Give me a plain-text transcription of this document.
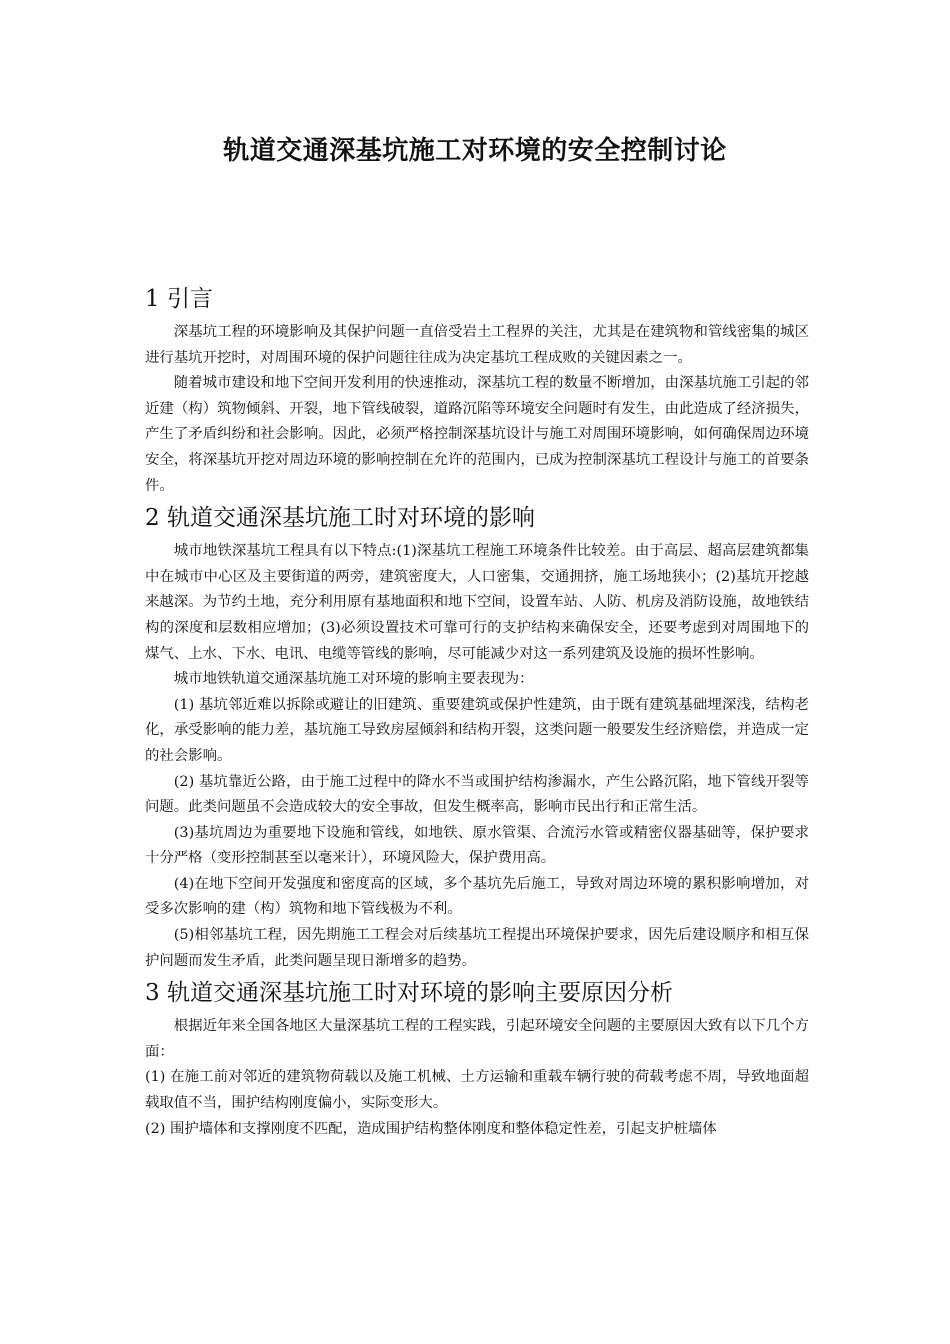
轨道交通深基坑施工对环境的安全控制讨论
1 引言

深基坑工程的环境影响及其保护问题一直倍受岩土工程界的关注，尤其是在建筑物和管线密集的城区进行基坑开挖时，对周围环境的保护问题往往成为决定基坑工程成败的关键因素之一。

随着城市建设和地下空间开发利用的快速推动，深基坑工程的数量不断增加，由深基坑施工引起的邻近建（构）筑物倾斜、开裂，地下管线破裂，道路沉陷等环境安全问题时有发生，由此造成了经济损失，产生了矛盾纠纷和社会影响。因此，必须严格控制深基坑设计与施工对周围环境影响，如何确保周边环境安全，将深基坑开挖对周边环境的影响控制在允许的范围内，已成为控制深基坑工程设计与施工的首要条件。

2 轨道交通深基坑施工时对环境的影响

城市地铁深基坑工程具有以下特点:(1)深基坑工程施工环境条件比较差。由于高层、超高层建筑都集中在城市中心区及主要街道的两旁，建筑密度大，人口密集，交通拥挤，施工场地狭小；(2)基坑开挖越来越深。为节约土地，充分利用原有基地面积和地下空间，设置车站、人防、机房及消防设施，故地铁结构的深度和层数相应增加；(3)必须设置技术可靠可行的支护结构来确保安全，还要考虑到对周围地下的煤气、上水、下水、电讯、电缆等管线的影响，尽可能减少对这一系列建筑及设施的损坏性影响。

城市地铁轨道交通深基坑施工对环境的影响主要表现为：

(1) 基坑邻近难以拆除或避让的旧建筑、重要建筑或保护性建筑，由于既有建筑基础埋深浅，结构老化，承受影响的能力差，基坑施工导致房屋倾斜和结构开裂，这类问题一般要发生经济赔偿，并造成一定的社会影响。

(2) 基坑靠近公路，由于施工过程中的降水不当或围护结构渗漏水，产生公路沉陷，地下管线开裂等问题。此类问题虽不会造成较大的安全事故，但发生概率高，影响市民出行和正常生活。

(3)基坑周边为重要地下设施和管线，如地铁、原水管渠、合流污水管或精密仪器基础等，保护要求十分严格（变形控制甚至以毫米计），环境风险大，保护费用高。

(4)在地下空间开发强度和密度高的区域，多个基坑先后施工，导致对周边环境的累积影响增加，对受多次影响的建（构）筑物和地下管线极为不利。

(5)相邻基坑工程，因先期施工工程会对后续基坑工程提出环境保护要求，因先后建设顺序和相互保护问题而发生矛盾，此类问题呈现日渐增多的趋势。

3 轨道交通深基坑施工时对环境的影响主要原因分析

根据近年来全国各地区大量深基坑工程的工程实践，引起环境安全问题的主要原因大致有以下几个方面：

(1) 在施工前对邻近的建筑物荷载以及施工机械、土方运输和重载车辆行驶的荷载考虑不周，导致地面超载取值不当，围护结构刚度偏小，实际变形大。

(2) 围护墙体和支撑刚度不匹配，造成围护结构整体刚度和整体稳定性差，引起支护桩墙体
